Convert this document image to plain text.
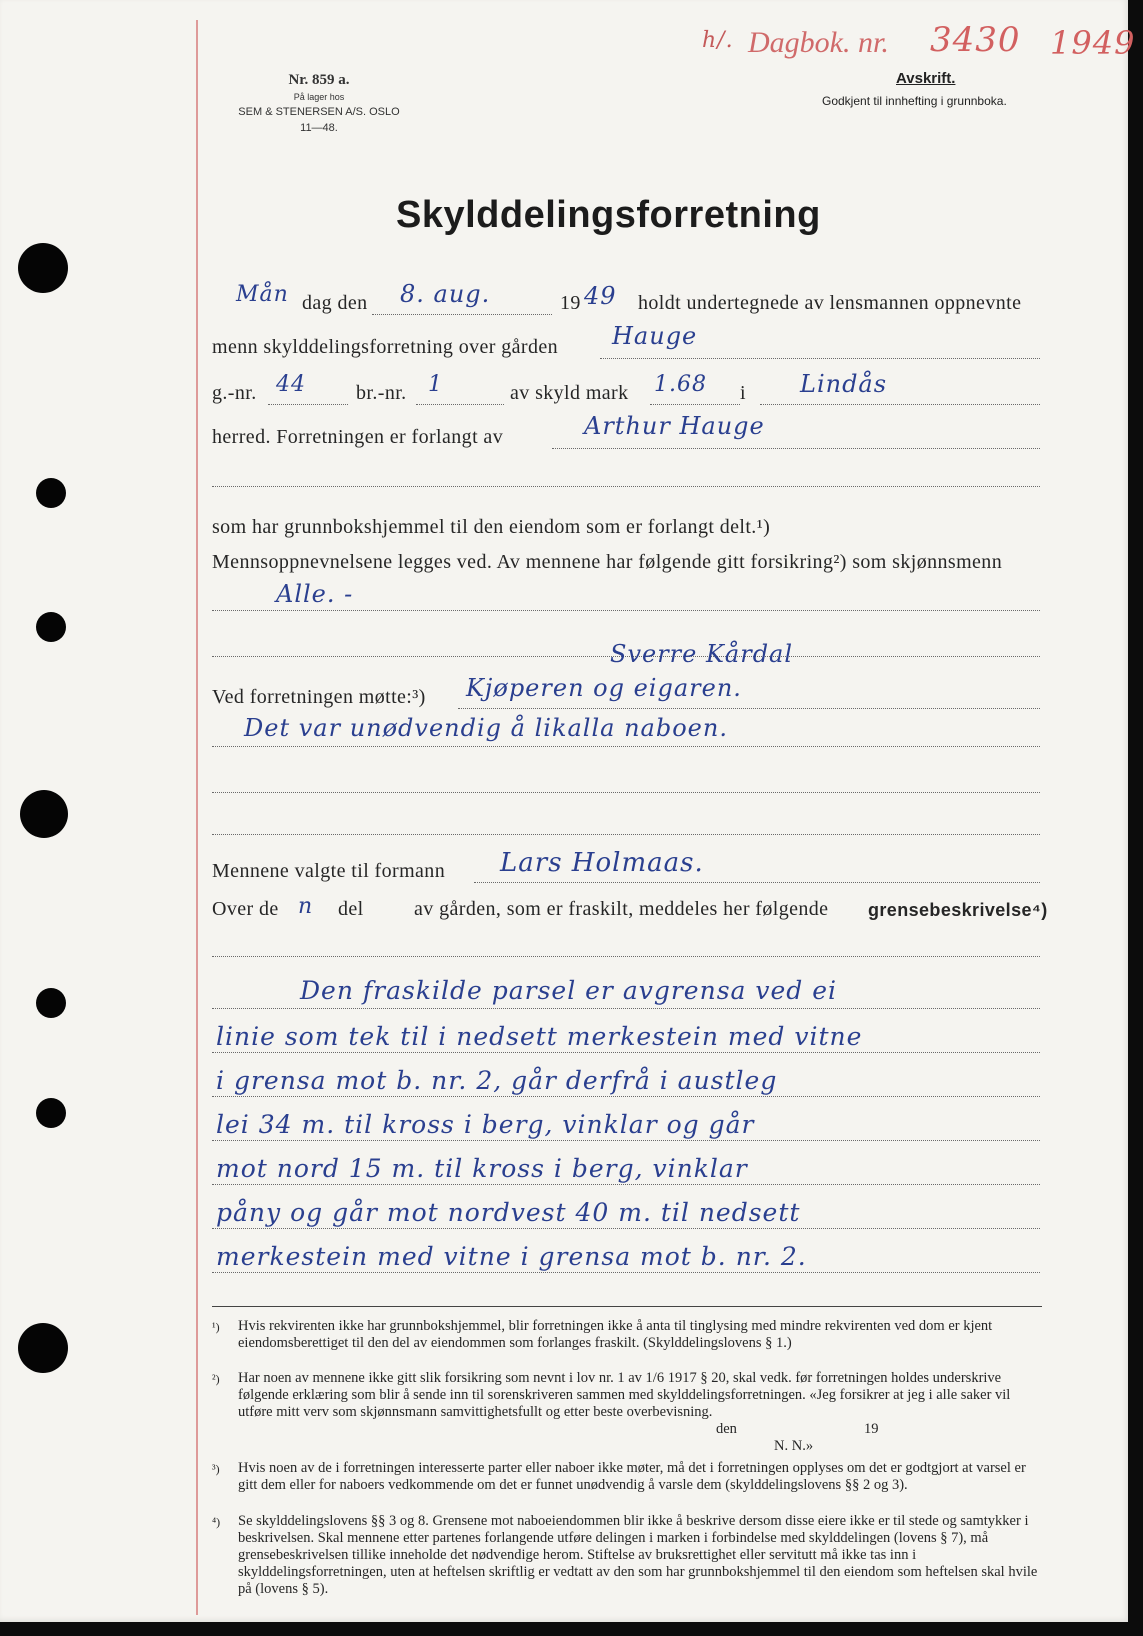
h/. Dagbok. nr. 3430 1949
Avskrift.
Godkjent til innhefting i grunnboka.
Nr. 859 a.
På lager hos
SEM & STENERSEN A/S. OSLO
11—48.
Skylddelingsforretning
Mån dag den 8. aug.	19 49 holdt undertegnede av lensmannen oppnevnte
menn skylddelingsforretning over gården Hauge
g.-nr. 44	br.-nr. 1	av skyld mark 1.68 i Lindås
herred. Forretningen er forlangt av	Arthur Hauge
som har grunnbokshjemmel til den eiendom som er forlangt delt.¹)
Mennsoppnevnelsene legges ved. Av mennene har følgende gitt forsikring²) som skjønnsmenn
Alle. -
Sverre Kårdal
Ved forretningen møtte:³) Kjøperen og eigaren.
Det var unødvendig å likalla naboen.
Mennene valgte til formann Lars Holmaas.
Over de n del	av gården, som er fraskilt, meddeles her følgende grensebeskrivelse⁴)
Den fraskilde parsel er avgrensa ved ei
linie som tek til i nedsett merkestein med vitne
i grensa mot b. nr. 2, går derfrå i austleg
lei 34 m. til kross i berg, vinklar og går
mot nord 15 m. til kross i berg, vinklar
påny og går mot nordvest 40 m. til nedsett
merkestein med vitne i grensa mot b. nr. 2.
¹) Hvis rekvirenten ikke har grunnbokshjemmel, blir forretningen ikke å anta til tinglysing med mindre rekvirenten ved dom er kjent eiendomsberettiget til den del av eiendommen som forlanges fraskilt. (Skylddelingslovens § 1.)
²) Har noen av mennene ikke gitt slik forsikring som nevnt i lov nr. 1 av 1/6 1917 § 20, skal vedk. før forretningen holdes underskrive følgende erklæring som blir å sende inn til sorenskriveren sammen med skylddelingsforretningen. «Jeg forsikrer at jeg i alle saker vil utføre mitt verv som skjønnsmann samvittighetsfullt og etter beste overbevisning.
den	19
N. N.»
³) Hvis noen av de i forretningen interesserte parter eller naboer ikke møter, må det i forretningen opplyses om det er godtgjort at varsel er gitt dem eller for naboers vedkommende om det er funnet unødvendig å varsle dem (skylddelingslovens §§ 2 og 3).
⁴) Se skylddelingslovens §§ 3 og 8. Grensene mot naboeiendommen blir ikke å beskrive dersom disse eiere ikke er til stede og samtykker i beskrivelsen. Skal mennene etter partenes forlangende utføre delingen i marken i forbindelse med skylddelingen (lovens § 7), må grensebeskrivelsen tillike inneholde det nødvendige herom. Stiftelse av bruksrettighet eller servitutt må ikke tas inn i skylddelingsforretningen, uten at heftelsen skriftlig er vedtatt av den som har grunnbokshjemmel til den eiendom som heftelsen skal hvile på (lovens § 5).
